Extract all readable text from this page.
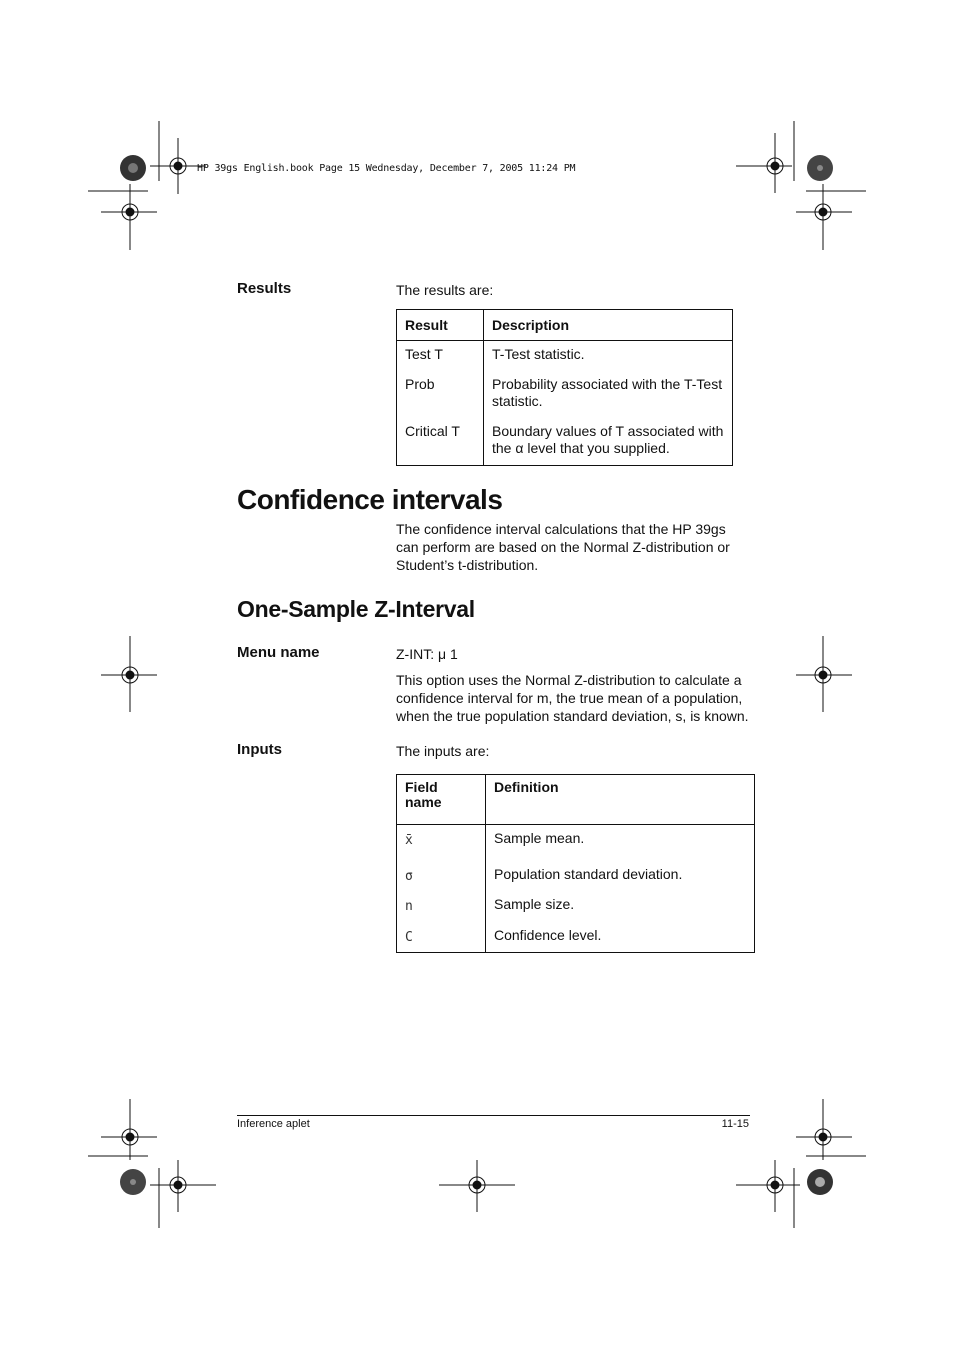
HP 39gs English.book Page 15 Wednesday, December 7, 2005 11:24 PM
Results	The results are:
Result	Description
Test T	T-Test statistic.
Prob	Probability associated with the T-Test statistic.
Critical T	Boundary values of T associated with the α level that you supplied.
Confidence intervals
The confidence interval calculations that the HP 39gs can perform are based on the Normal Z-distribution or Student’s t-distribution.
One-Sample Z-Interval
Menu name	Z-INT: μ 1
This option uses the Normal Z-distribution to calculate a confidence interval for m, the true mean of a population, when the true population standard deviation, s, is known.
Inputs	The inputs are:
Field name	Definition
x̄	Sample mean.
σ	Population standard deviation.
n	Sample size.
C	Confidence level.
Inference aplet	11-15
